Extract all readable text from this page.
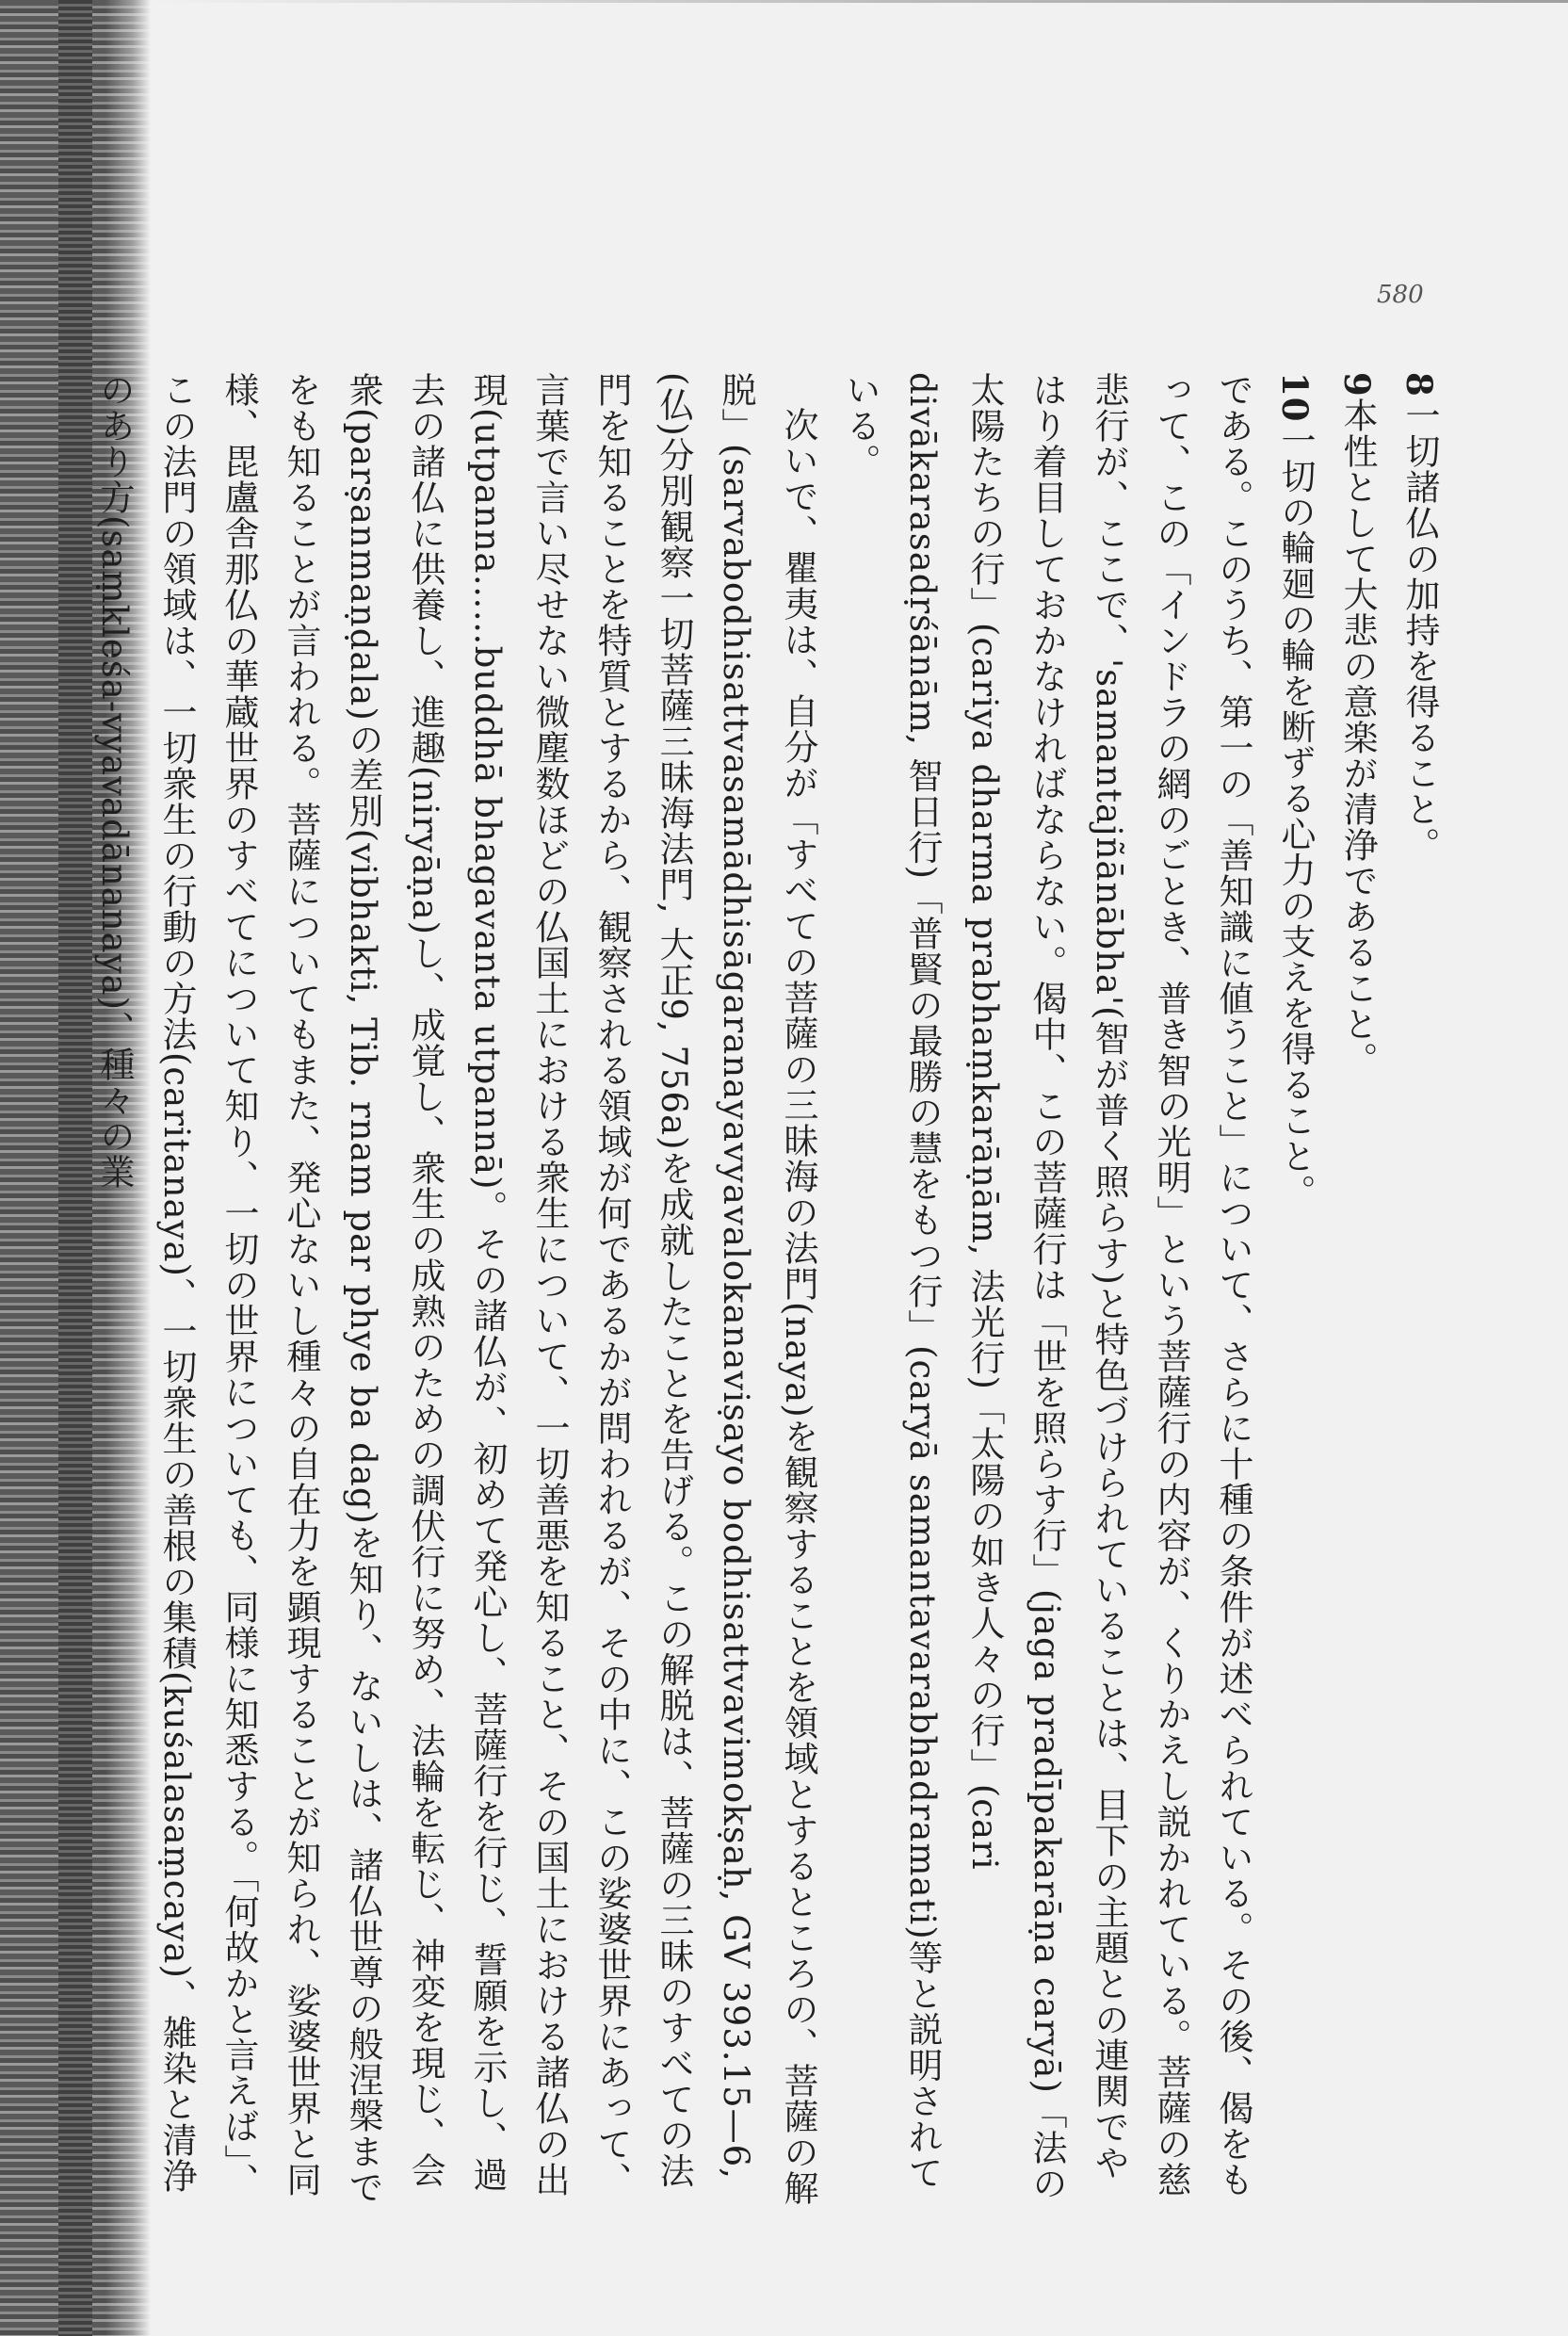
580

8一切諸仏の加持を得ること。

9本性として大悲の意楽が清浄であること。

10一切の輪廻の輪を断ずる心力の支えを得ること。

である。このうち、第一の「善知識に値うこと」について、さらに十種の条件が述べられている。その後、偈をもって、この「インドラの網のごとき、普き智の光明」という菩薩行の内容が、くりかえし説かれている。菩薩の慈悲行が、ここで、'samantajñānābha'(智が普く照らす)と特色づけられていることは、目下の主題との連関でやはり着目しておかなければならない。偈中、この菩薩行は「世を照らす行」(jaga pradīpakarāṇa caryā)「法の太陽たちの行」(cariya dharma prabhaṃkarāṇām, 法光行)「太陽の如き人々の行」(cari divākarasadṛśānām, 智日行)「普賢の最勝の慧をもつ行」(caryā samantavarabhadramati)等と説明されている。

次いで、瞿夷は、自分が「すべての菩薩の三昧海の法門(naya)を観察することを領域とするところの、菩薩の解脱」(sarvabodhisattvasamādhisāgaranayavyavalokanaviṣayo bodhisattvavimokṣaḥ, GV 393.15—6, (仏)分別観察一切菩薩三昧海法門, 大正9, 756a)を成就したことを告げる。この解脱は、菩薩の三昧のすべての法門を知ることを特質とするから、観察される領域が何であるかが問われるが、その中に、この娑婆世界にあって、言葉で言い尽せない微塵数ほどの仏国土における衆生について、一切善悪を知ること、その国土における諸仏の出現(utpanna……buddhā bhagavanta utpannā)。その諸仏が、初めて発心し、菩薩行を行じ、誓願を示し、過去の諸仏に供養し、進趣(niryāṇa)し、成覚し、衆生の成熟のための調伏行に努め、法輪を転じ、神変を現じ、会衆(parṣanmaṇḍala)の差別(vibhakti, Tib. rnam par phye ba dag)を知り、ないしは、諸仏世尊の般涅槃までをも知ることが言われる。菩薩についてもまた、発心ないし種々の自在力を顕現することが知られ、娑婆世界と同様、毘盧舎那仏の華蔵世界のすべてについて知り、一切の世界についても、同様に知悉する。「何故かと言えば」、この法門の領域は、一切衆生の行動の方法(caritanaya)、一切衆生の善根の集積(kuśalasaṃcaya)、雑染と清浄のあり方(saṃkleśa-vyavadānanaya)、種々の業
